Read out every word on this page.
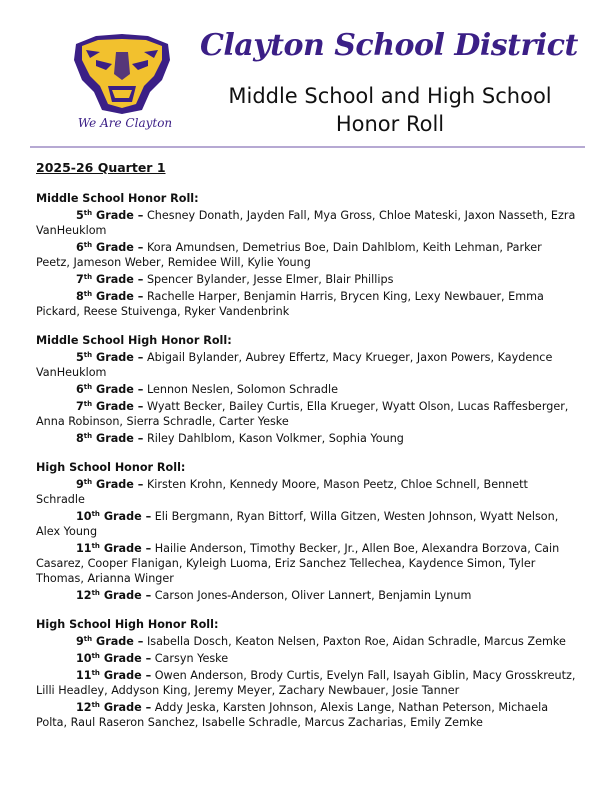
We Are Clayton
Clayton School District
Middle School and High School
Honor Roll
2025-26 Quarter 1
Middle School Honor Roll:
5th Grade – Chesney Donath, Jayden Fall, Mya Gross, Chloe Mateski, Jaxon Nasseth, Ezra VanHeuklom
6th Grade – Kora Amundsen, Demetrius Boe, Dain Dahlblom, Keith Lehman, Parker Peetz, Jameson Weber, Remidee Will, Kylie Young
7th Grade – Spencer Bylander, Jesse Elmer, Blair Phillips
8th Grade – Rachelle Harper, Benjamin Harris, Brycen King, Lexy Newbauer, Emma Pickard, Reese Stuivenga, Ryker Vandenbrink
Middle School High Honor Roll:
5th Grade – Abigail Bylander, Aubrey Effertz, Macy Krueger, Jaxon Powers, Kaydence VanHeuklom
6th Grade – Lennon Neslen, Solomon Schradle
7th Grade – Wyatt Becker, Bailey Curtis, Ella Krueger, Wyatt Olson, Lucas Raffesberger, Anna Robinson, Sierra Schradle, Carter Yeske
8th Grade – Riley Dahlblom, Kason Volkmer, Sophia Young
High School Honor Roll:
9th Grade – Kirsten Krohn, Kennedy Moore, Mason Peetz, Chloe Schnell, Bennett Schradle
10th Grade – Eli Bergmann, Ryan Bittorf, Willa Gitzen, Westen Johnson, Wyatt Nelson, Alex Young
11th Grade – Hailie Anderson, Timothy Becker, Jr., Allen Boe, Alexandra Borzova, Cain Casarez, Cooper Flanigan, Kyleigh Luoma, Eriz Sanchez Tellechea, Kaydence Simon, Tyler Thomas, Arianna Winger
12th Grade – Carson Jones-Anderson, Oliver Lannert, Benjamin Lynum
High School High Honor Roll:
9th Grade – Isabella Dosch, Keaton Nelsen, Paxton Roe, Aidan Schradle, Marcus Zemke
10th Grade – Carsyn Yeske
11th Grade – Owen Anderson, Brody Curtis, Evelyn Fall, Isayah Giblin, Macy Grosskreutz, Lilli Headley, Addyson King, Jeremy Meyer, Zachary Newbauer, Josie Tanner
12th Grade – Addy Jeska, Karsten Johnson, Alexis Lange, Nathan Peterson, Michaela Polta, Raul Raseron Sanchez, Isabelle Schradle, Marcus Zacharias, Emily Zemke
